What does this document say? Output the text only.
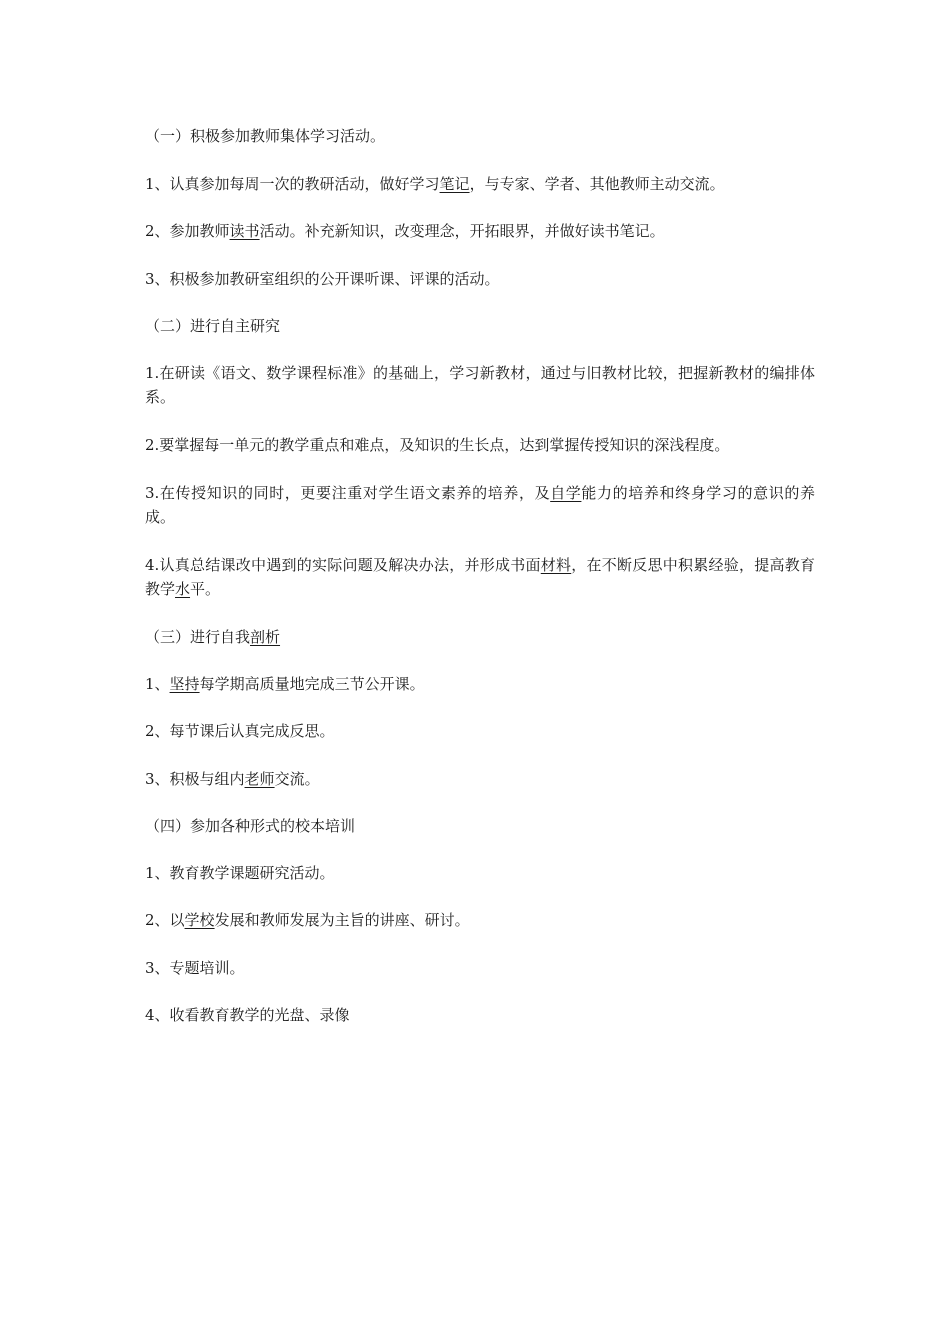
（一）积极参加教师集体学习活动。
1、认真参加每周一次的教研活动，做好学习笔记，与专家、学者、其他教师主动交流。
2、参加教师读书活动。补充新知识，改变理念，开拓眼界，并做好读书笔记。
3、积极参加教研室组织的公开课听课、评课的活动。
（二）进行自主研究
1.在研读《语文、数学课程标准》的基础上，学习新教材，通过与旧教材比较，把握新教材的编排体系。
2.要掌握每一单元的教学重点和难点，及知识的生长点，达到掌握传授知识的深浅程度。
3.在传授知识的同时，更要注重对学生语文素养的培养，及自学能力的培养和终身学习的意识的养成。
4.认真总结课改中遇到的实际问题及解决办法，并形成书面材料，在不断反思中积累经验，提高教育教学水平。
（三）进行自我剖析
1、坚持每学期高质量地完成三节公开课。
2、每节课后认真完成反思。
3、积极与组内老师交流。
（四）参加各种形式的校本培训
1、教育教学课题研究活动。
2、以学校发展和教师发展为主旨的讲座、研讨。
3、专题培训。
4、收看教育教学的光盘、录像
